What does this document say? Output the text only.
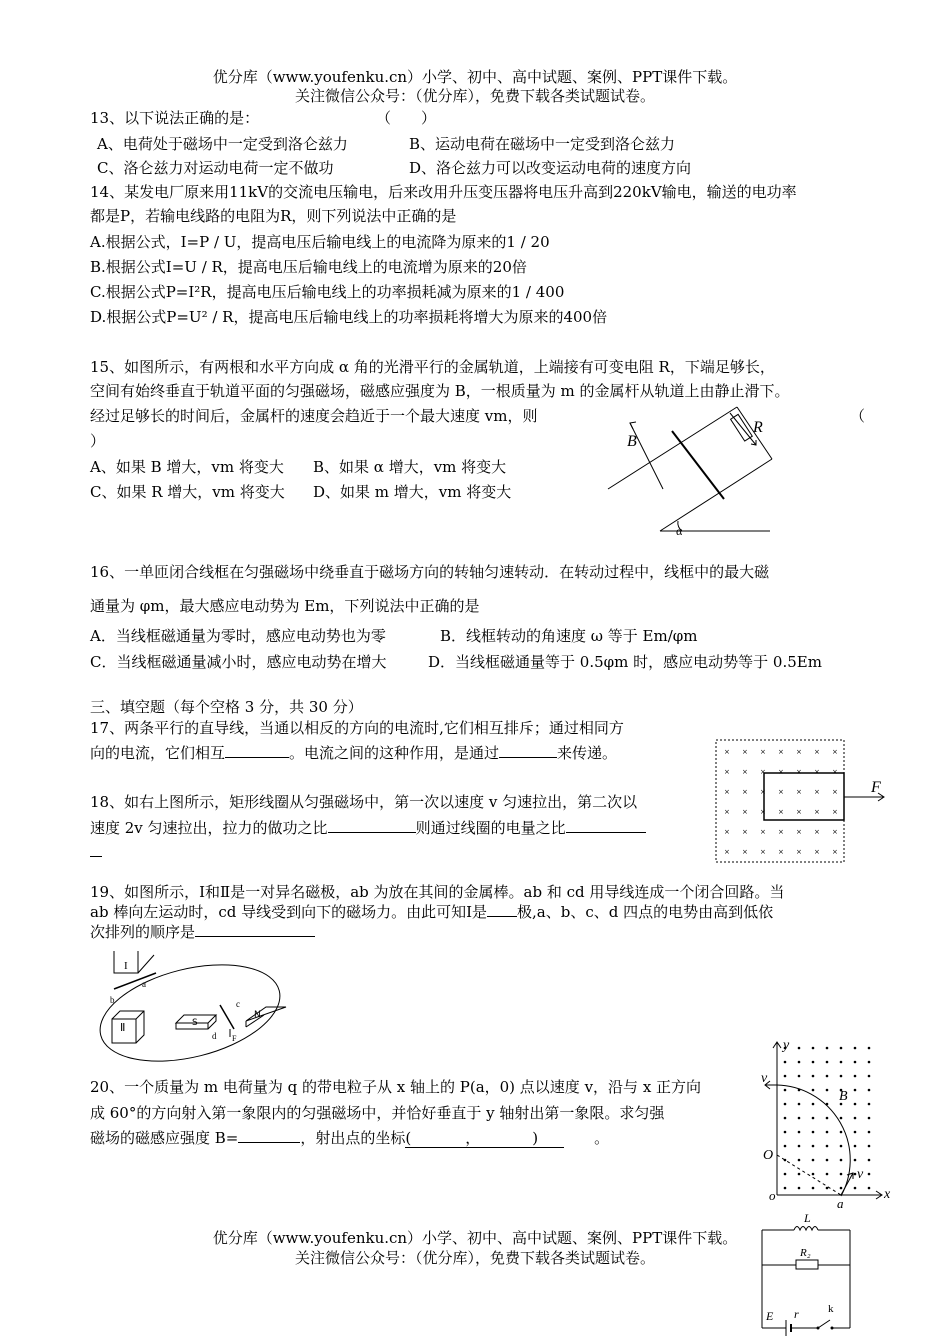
优分库（www.youfenku.cn）小学、初中、高中试题、案例、PPT课件下载。
关注微信公众号：（优分库），免费下载各类试题试卷。
13、以下说法正确的是：	（　　）
A、电荷处于磁场中一定受到洛仑兹力	B、运动电荷在磁场中一定受到洛仑兹力
C、洛仑兹力对运动电荷一定不做功	D、洛仑兹力可以改变运动电荷的速度方向
14、某发电厂原来用11kV的交流电压输电，后来改用升压变压器将电压升高到220kV输电，输送的电功率
都是P，若输电线路的电阻为R，则下列说法中正确的是
A.根据公式，I=P / U，提高电压后输电线上的电流降为原来的1 / 20
B.根据公式I=U / R，提高电压后输电线上的电流增为原来的20倍
C.根据公式P=I²R，提高电压后输电线上的功率损耗减为原来的1 / 400
D.根据公式P=U² / R，提高电压后输电线上的功率损耗将增大为原来的400倍
15、如图所示，有两根和水平方向成 α 角的光滑平行的金属轨道，上端接有可变电阻 R，下端足够长，
空间有始终垂直于轨道平面的匀强磁场，磁感应强度为 B，一根质量为 m 的金属杆从轨道上由静止滑下。
经过足够长的时间后，金属杆的速度会趋近于一个最大速度 vm，则	（
）
A、如果 B 增大，vm 将变大 B、如果 α 增大，vm 将变大
C、如果 R 增大，vm 将变大 D、如果 m 增大，vm 将变大
B
R
α
16、一单匝闭合线框在匀强磁场中绕垂直于磁场方向的转轴匀速转动．在转动过程中，线框中的最大磁
通量为 φm，最大感应电动势为 Em，下列说法中正确的是
A．当线框磁通量为零时，感应电动势也为零	B．线框转动的角速度 ω 等于 Em/φm
C．当线框磁通量减小时，感应电动势在增大	D．当线框磁通量等于 0.5φm 时，感应电动势等于 0.5Em
三、填空题（每个空格 3 分，共 30 分）
17、两条平行的直导线，当通以相反的方向的电流时,它们相互排斥；通过相同方
向的电流，它们相互	。电流之间的这种作用，是通过	来传递。
18、如右上图所示，矩形线圈从匀强磁场中，第一次以速度 v 匀速拉出，第二次以
速度 2v 匀速拉出，拉力的做功之比	则通过线圈的电量之比
× × × × × × ×
× × × × × × ×
× × × × × × ×
× × × × × × ×
× × × × × × ×
× × × × × × ×
F
19、如图所示，Ⅰ和Ⅱ是一对异名磁极，ab 为放在其间的金属棒。ab 和 cd 用导线连成一个闭合回路。当
ab 棒向左运动时，cd 导线受到向下的磁场力。由此可知Ⅰ是 极,a、b、c、d 四点的电势由高到低依
次排列的顺序是
I
Ⅱ	S
N
a
b	c
d F
20、一个质量为 m 电荷量为 q 的带电粒子从 x 轴上的 P(a，0) 点以速度 v，沿与 x 正方向
成 60°的方向射入第一象限内的匀强磁场中，并恰好垂直于 y 轴射出第一象限。求匀强
磁场的磁感应强度 B=	，射出点的坐标(	，	)	。
y
x
v
B
O
o
a
v
优分库（www.youfenku.cn）小学、初中、高中试题、案例、PPT课件下载。
关注微信公众号：（优分库），免费下载各类试题试卷。
L
R₂
E r	k
